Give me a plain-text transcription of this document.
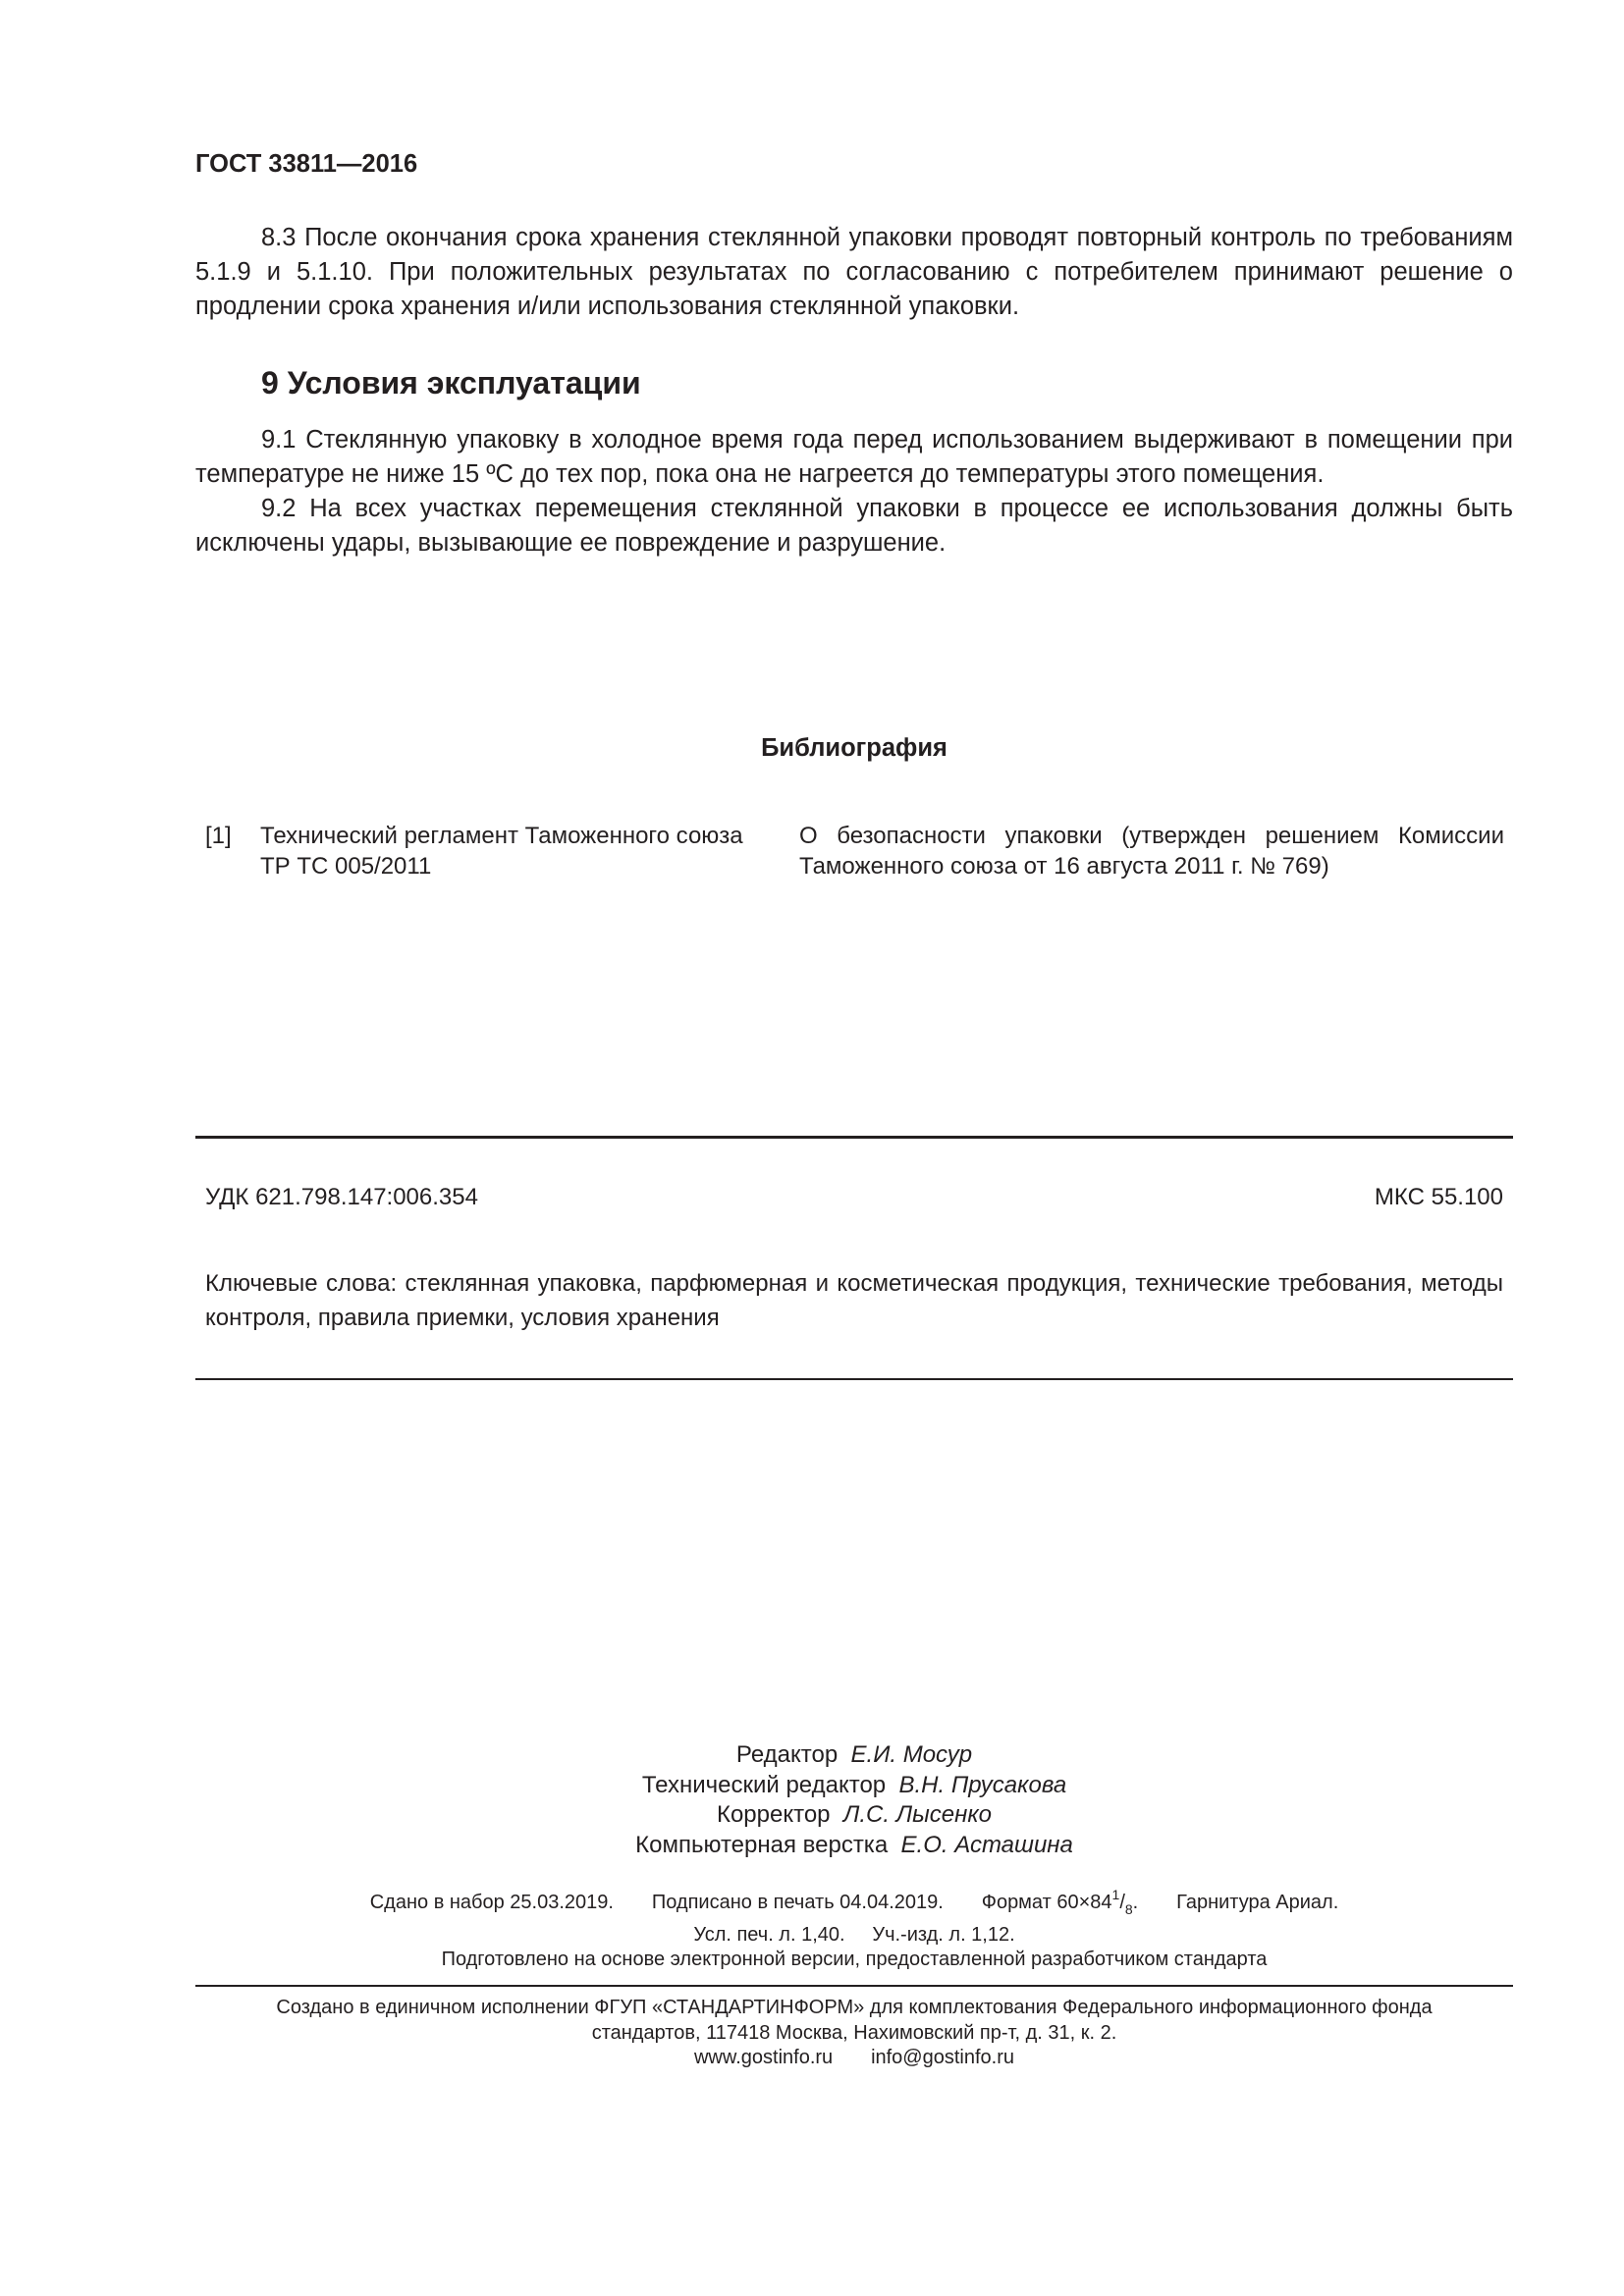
ГОСТ 33811—2016
8.3 После окончания срока хранения стеклянной упаковки проводят повторный контроль по требованиям 5.1.9 и 5.1.10. При положительных результатах по согласованию с потребителем принимают решение о продлении срока хранения и/или использования стеклянной упаковки.
9 Условия эксплуатации
9.1 Стеклянную упаковку в холодное время года перед использованием выдерживают в помещении при температуре не ниже 15 ºС до тех пор, пока она не нагреется до температуры этого помещения.
9.2 На всех участках перемещения стеклянной упаковки в процессе ее использования должны быть исключены удары, вызывающие ее повреждение и разрушение.
Библиография
[1] Технический регламент Таможенного союза
ТР ТС 005/2011
О безопасности упаковки (утвержден решением Комиссии Таможенного союза от 16 августа 2011 г. № 769)
УДК 621.798.147:006.354	МКС 55.100
Ключевые слова: стеклянная упаковка, парфюмерная и косметическая продукция, технические требования, методы контроля, правила приемки, условия хранения
Редактор Е.И. Мосур
Технический редактор В.Н. Прусакова
Корректор Л.С. Лысенко
Компьютерная верстка Е.О. Асташина
Сдано в набор 25.03.2019. Подписано в печать 04.04.2019. Формат $60\times 84^1/_8$. Гарнитура Ариал.
Усл. печ. л. 1,40. Уч.-изд. л. 1,12.
Подготовлено на основе электронной версии, предоставленной разработчиком стандарта
Создано в единичном исполнении ФГУП «СТАНДАРТИНФОРМ» для комплектования Федерального информационного фонда
стандартов, 117418 Москва, Нахимовский пр-т, д. 31, к. 2.
www.gostinfo.ru info@gostinfo.ru
